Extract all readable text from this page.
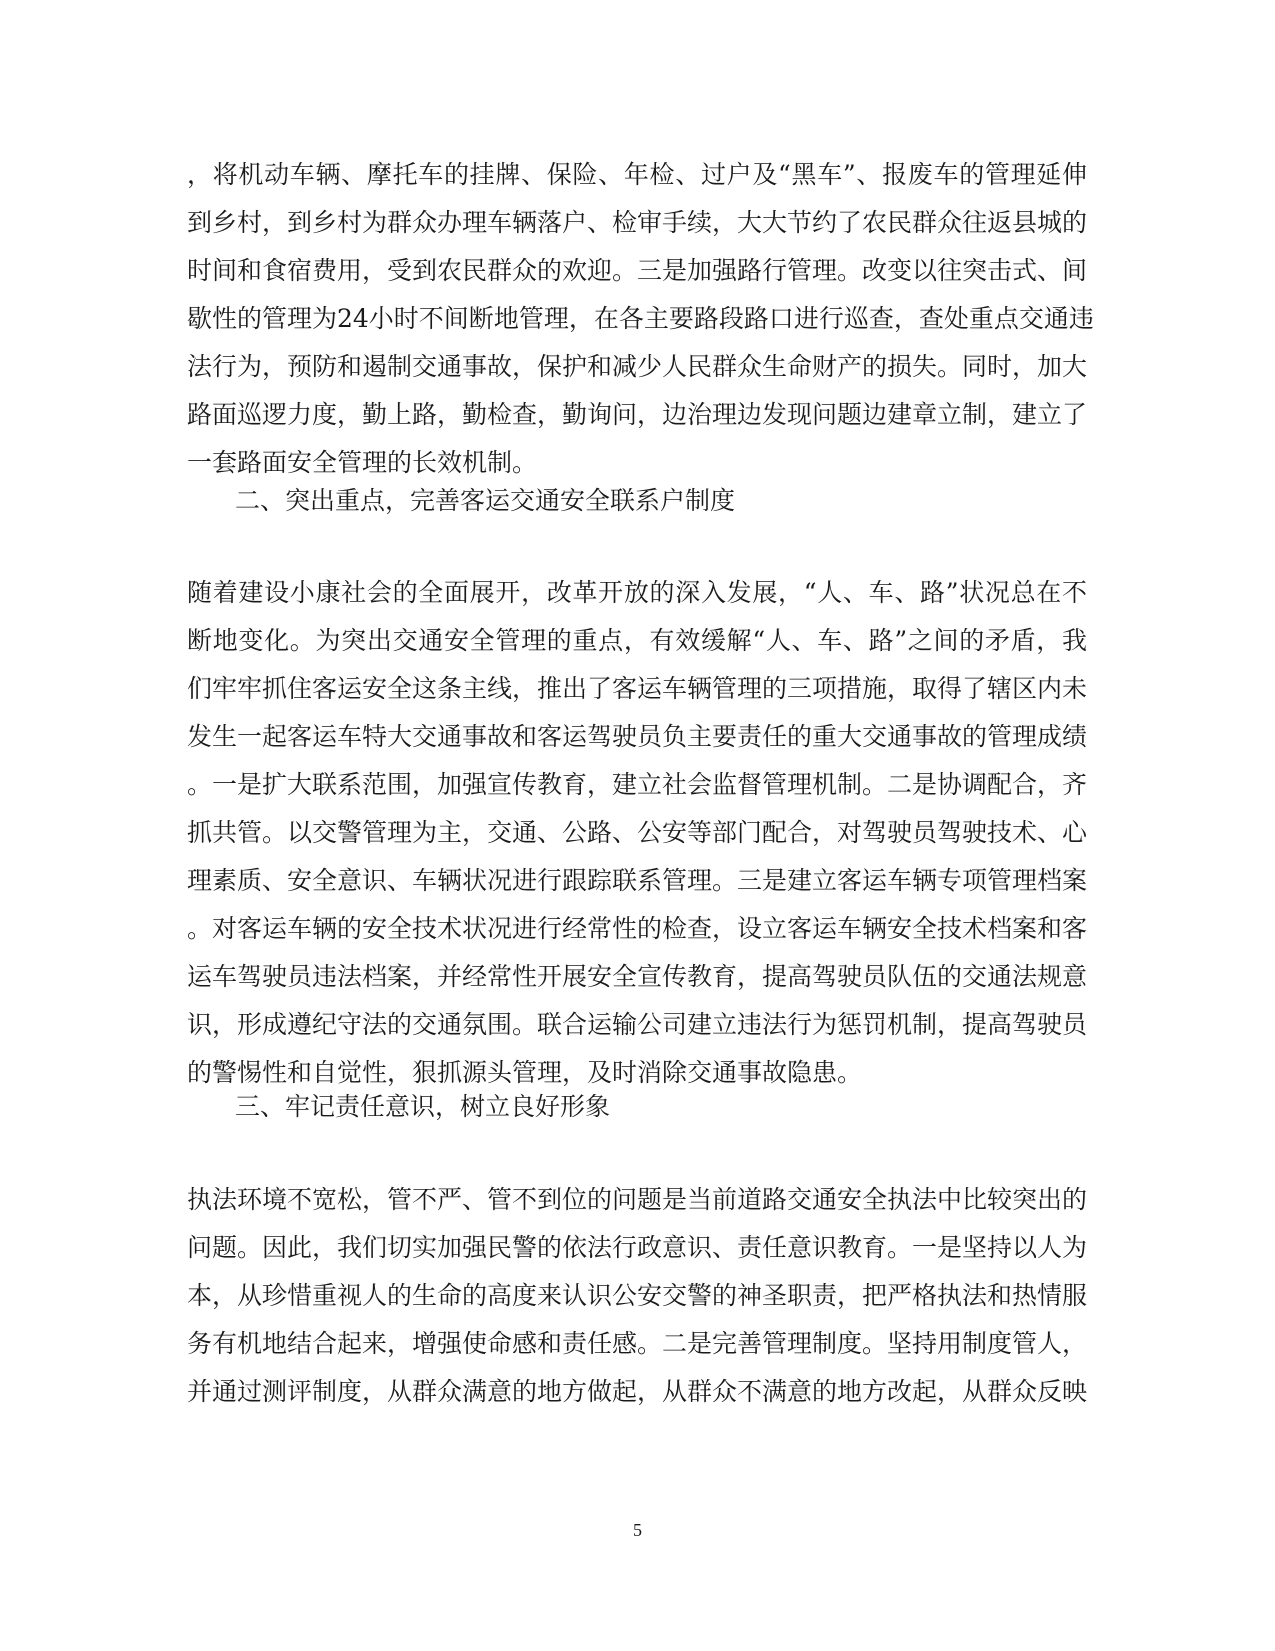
，将机动车辆、摩托车的挂牌、保险、年检、过户及“黑车”、报废车的管理延伸
到乡村，到乡村为群众办理车辆落户、检审手续，大大节约了农民群众往返县城的
时间和食宿费用，受到农民群众的欢迎。三是加强路行管理。改变以往突击式、间
歇性的管理为24小时不间断地管理，在各主要路段路口进行巡查，查处重点交通违
法行为，预防和遏制交通事故，保护和减少人民群众生命财产的损失。同时，加大
路面巡逻力度，勤上路，勤检查，勤询问，边治理边发现问题边建章立制，建立了
一套路面安全管理的长效机制。
二、突出重点，完善客运交通安全联系户制度
随着建设小康社会的全面展开，改革开放的深入发展，“人、车、路”状况总在不
断地变化。为突出交通安全管理的重点，有效缓解“人、车、路”之间的矛盾，我
们牢牢抓住客运安全这条主线，推出了客运车辆管理的三项措施，取得了辖区内未
发生一起客运车特大交通事故和客运驾驶员负主要责任的重大交通事故的管理成绩
。一是扩大联系范围，加强宣传教育，建立社会监督管理机制。二是协调配合，齐
抓共管。以交警管理为主，交通、公路、公安等部门配合，对驾驶员驾驶技术、心
理素质、安全意识、车辆状况进行跟踪联系管理。三是建立客运车辆专项管理档案
。对客运车辆的安全技术状况进行经常性的检查，设立客运车辆安全技术档案和客
运车驾驶员违法档案，并经常性开展安全宣传教育，提高驾驶员队伍的交通法规意
识，形成遵纪守法的交通氛围。联合运输公司建立违法行为惩罚机制，提高驾驶员
的警惕性和自觉性，狠抓源头管理，及时消除交通事故隐患。
三、牢记责任意识，树立良好形象
执法环境不宽松，管不严、管不到位的问题是当前道路交通安全执法中比较突出的
问题。因此，我们切实加强民警的依法行政意识、责任意识教育。一是坚持以人为
本，从珍惜重视人的生命的高度来认识公安交警的神圣职责，把严格执法和热情服
务有机地结合起来，增强使命感和责任感。二是完善管理制度。坚持用制度管人，
并通过测评制度，从群众满意的地方做起，从群众不满意的地方改起，从群众反映
5
